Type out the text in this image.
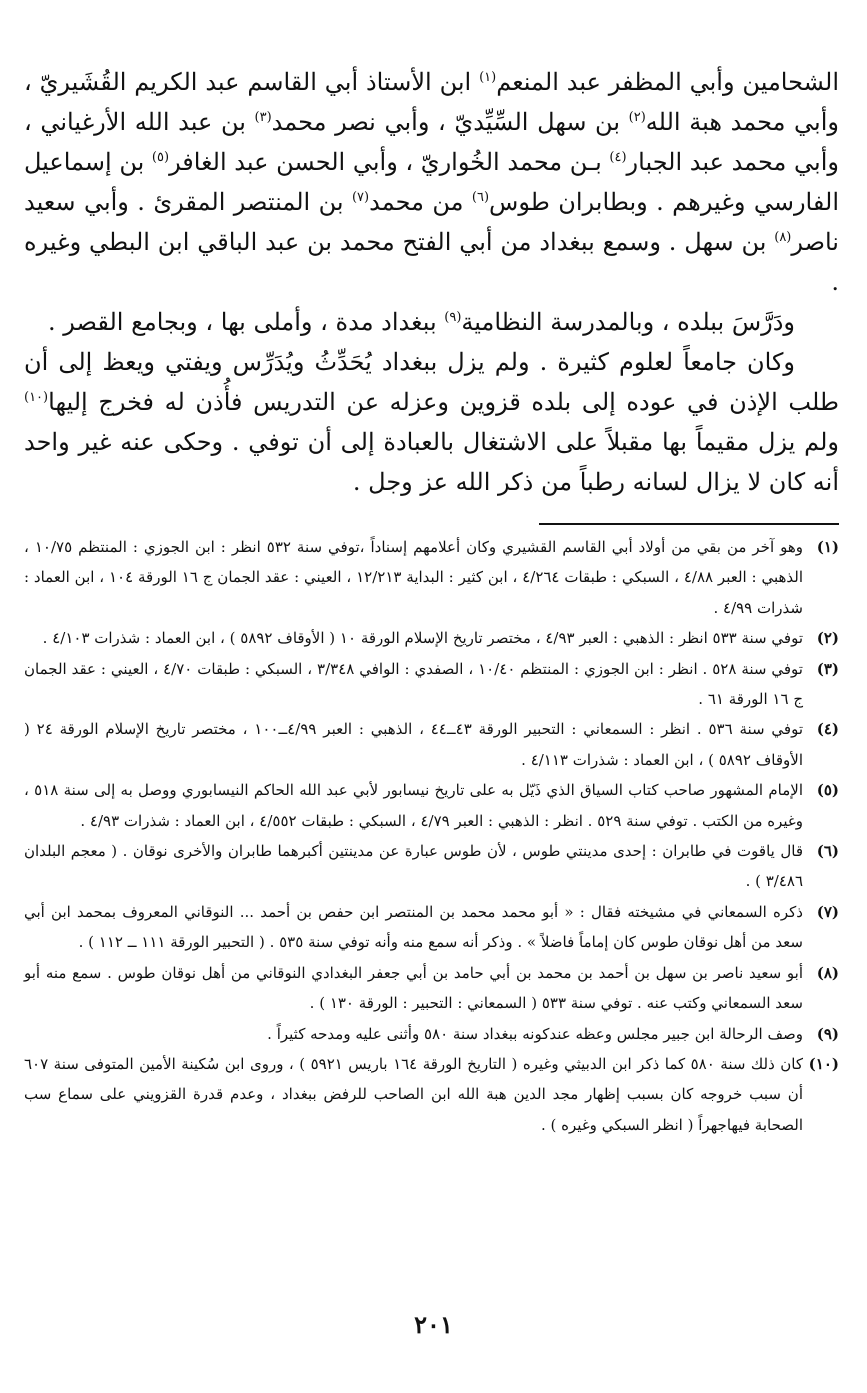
الشحامين وأبي المظفر عبد المنعم$^{(١)}$ ابن الأستاذ أبي القاسم عبد الكريم القُشَيريّ ، وأبي محمد هبة الله$^{(٢)}$ بن سهل السِّيِّديّ ، وأبي نصر محمد$^{(٣)}$ بن عبد الله الأرغياني ، وأبي محمد عبد الجبار$^{(٤)}$ بـن محمد الخُواريّ ، وأبي الحسن عبد الغافر$^{(٥)}$ بن إسماعيل الفارسي وغيرهم . وبطابران طوس$^{(٦)}$ من محمد$^{(٧)}$ بن المنتصر المقرئ . وأبي سعيد ناصر$^{(٨)}$ بن سهل . وسمع ببغداد من أبي الفتح محمد بن عبد الباقي ابن البطي وغيره .

ودَرَّسَ ببلده ، وبالمدرسة النظامية$^{(٩)}$ ببغداد مدة ، وأملى بها ، وبجامع القصر .

وكان جامعاً لعلوم كثيرة . ولم يزل ببغداد يُحَدِّثُ ويُدَرِّس ويفتي ويعظ إلى أن طلب الإذن في عوده إلى بلده قزوين وعزله عن التدريس فأُذن له فخرج إليها$^{(١٠)}$ ولم يزل مقيماً بها مقبلاً على الاشتغال بالعبادة إلى أن توفي . وحكى عنه غير واحد أنه كان لا يزال لسانه رطباً من ذكر الله عز وجل .

(١)
وهو آخر من بقي من أولاد أبي القاسم القشيري وكان أعلامهم إسناداً ،توفي سنة ٥٣٢ انظر : ابن الجوزي : المنتظم ١٠/٧٥ ، الذهبي : العبر ٤/٨٨ ، السبكي : طبقات ٤/٢٦٤ ، ابن كثير : البداية ١٢/٢١٣ ، العيني : عقد الجمان ج ١٦ الورقة ١٠٤ ، ابن العماد : شذرات ٤/٩٩ .
(٢)
توفي سنة ٥٣٣ انظر : الذهبي : العبر ٤/٩٣ ، مختصر تاريخ الإسلام الورقة ١٠ ( الأوقاف ٥٨٩٢ ) ، ابن العماد : شذرات ٤/١٠٣ .
(٣)
توفي سنة ٥٢٨ . انظر : ابن الجوزي : المنتظم ١٠/٤٠ ، الصفدي : الوافي ٣/٣٤٨ ، السبكي : طبقات ٤/٧٠ ، العيني : عقد الجمان ج ١٦ الورقة ٦١ .
(٤)
توفي سنة ٥٣٦ . انظر : السمعاني : التحبير الورقة ٤٣ــ٤٤ ، الذهبي : العبر ٤/٩٩ــ١٠٠ ، مختصر تاريخ الإسلام الورقة ٢٤ ( الأوقاف ٥٨٩٢ ) ، ابن العماد : شذرات ٤/١١٣ .
(٥)
الإمام المشهور صاحب كتاب السياق الذي ذَيّل به على تاريخ نيسابور لأبي عبد الله الحاكم النيسابوري ووصل به إلى سنة ٥١٨ ، وغيره من الكتب . توفي سنة ٥٢٩ . انظر : الذهبي : العبر ٤/٧٩ ، السبكي : طبقات ٤/٥٥٢ ، ابن العماد : شذرات ٤/٩٣ .
(٦)
قال ياقوت في طابران : إحدى مدينتي طوس ، لأن طوس عبارة عن مدينتين أكبرهما طابران والأخرى نوقان . ( معجم البلدان ٣/٤٨٦ ) .
(٧)
ذكره السمعاني في مشيخته فقال : « أبو محمد محمد بن المنتصر ابن حفص بن أحمد ... النوقاني المعروف بمحمد ابن أبي سعد من أهل نوقان طوس كان إماماً فاضلاً » . وذكر أنه سمع منه وأنه توفي سنة ٥٣٥ . ( التحبير الورقة ١١١ ــ ١١٢ ) .
(٨)
أبو سعيد ناصر بن سهل بن أحمد بن محمد بن أبي حامد بن أبي جعفر البغدادي النوقاني من أهل نوقان طوس . سمع منه أبو سعد السمعاني وكتب عنه . توفي سنة ٥٣٣ ( السمعاني : التحبير : الورقة ١٣٠ ) .
(٩)
وصف الرحالة ابن جبير مجلس وعظه عندكونه ببغداد سنة ٥٨٠ وأثنى عليه ومدحه كثيراً .
(١٠)
كان ذلك سنة ٥٨٠ كما ذكر ابن الدبيثي وغيره ( التاريخ الورقة ١٦٤ باريس ٥٩٢١ ) ، وروى ابن سُكينة الأمين المتوفى سنة ٦٠٧ أن سبب خروجه كان بسبب إظهار مجد الدين هبة الله ابن الصاحب للرفض ببغداد ، وعدم قدرة القزويني على سماع سب الصحابة فيهاجهراً ( انظر السبكي وغيره ) .
٢٠١
